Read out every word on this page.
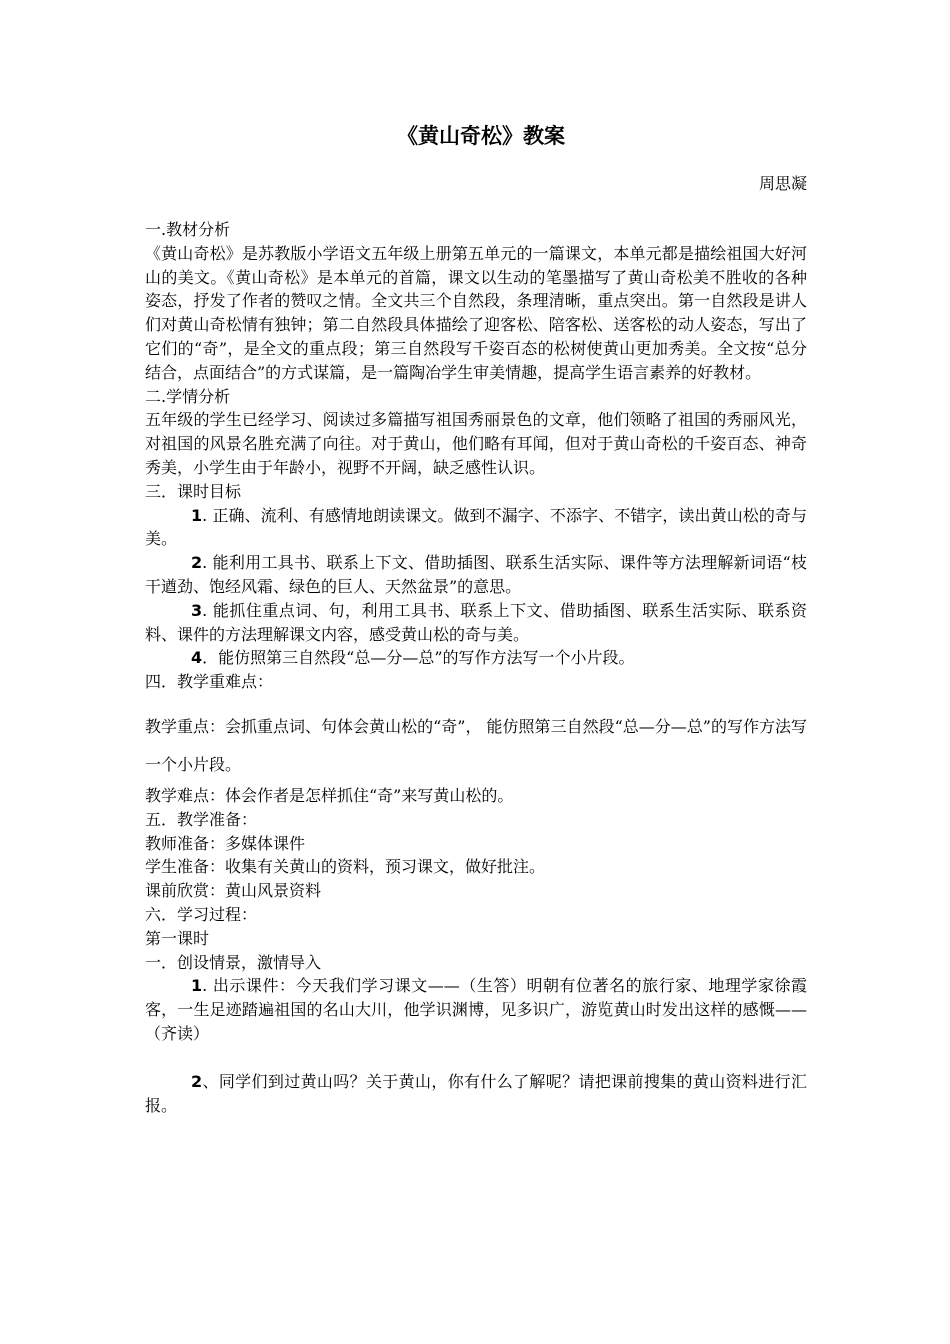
《黄山奇松》教案
周思凝

一.教材分析

《黄山奇松》是苏教版小学语文五年级上册第五单元的一篇课文，本单元都是描绘祖国大好河山的美文。《黄山奇松》是本单元的首篇，课文以生动的笔墨描写了黄山奇松美不胜收的各种姿态，抒发了作者的赞叹之情。全文共三个自然段，条理清晰，重点突出。第一自然段是讲人们对黄山奇松情有独钟；第二自然段具体描绘了迎客松、陪客松、送客松的动人姿态，写出了它们的“奇”，是全文的重点段；第三自然段写千姿百态的松树使黄山更加秀美。全文按“总分结合，点面结合”的方式谋篇，是一篇陶冶学生审美情趣，提高学生语言素养的好教材。

二.学情分析

五年级的学生已经学习、阅读过多篇描写祖国秀丽景色的文章，他们领略了祖国的秀丽风光，对祖国的风景名胜充满了向往。对于黄山，他们略有耳闻，但对于黄山奇松的千姿百态、神奇秀美，小学生由于年龄小，视野不开阔，缺乏感性认识。

三．课时目标

1. 正确、流利、有感情地朗读课文。做到不漏字、不添字、不错字，读出黄山松的奇与美。

2. 能利用工具书、联系上下文、借助插图、联系生活实际、课件等方法理解新词语“枝干遒劲、饱经风霜、绿色的巨人、天然盆景”的意思。

3. 能抓住重点词、句，利用工具书、联系上下文、借助插图、联系生活实际、联系资料、课件的方法理解课文内容，感受黄山松的奇与美。

4．能仿照第三自然段“总—分—总”的写作方法写一个小片段。

四．教学重难点：

教学重点：会抓重点词、句体会黄山松的“奇”， 能仿照第三自然段“总—分—总”的写作方法写一个小片段。

教学难点：体会作者是怎样抓住“奇”来写黄山松的。

五．教学准备：

教师准备：多媒体课件

学生准备：收集有关黄山的资料，预习课文，做好批注。

课前欣赏：黄山风景资料

六．学习过程：

第一课时

一．创设情景，激情导入

1. 出示课件：今天我们学习课文——（生答）明朝有位著名的旅行家、地理学家徐霞客，一生足迹踏遍祖国的名山大川，他学识渊博，见多识广，游览黄山时发出这样的感慨——（齐读）

2、同学们到过黄山吗？关于黄山，你有什么了解呢？请把课前搜集的黄山资料进行汇报。
